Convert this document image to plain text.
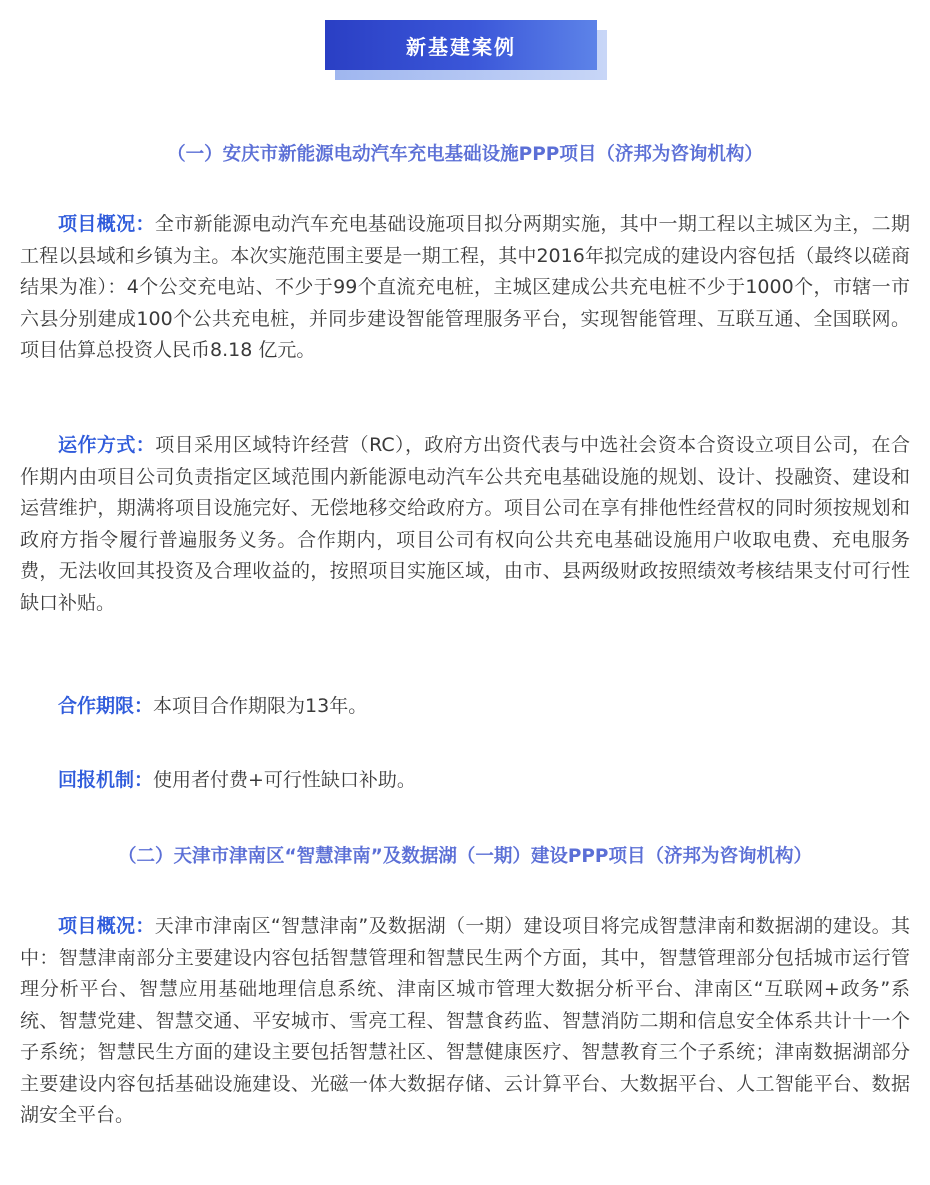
新基建案例
（一）安庆市新能源电动汽车充电基础设施PPP项目（济邦为咨询机构）

项目概况：全市新能源电动汽车充电基础设施项目拟分两期实施，其中一期工程以主城区为主，二期工程以县域和乡镇为主。本次实施范围主要是一期工程，其中2016年拟完成的建设内容包括（最终以磋商结果为准）：4个公交充电站、不少于99个直流充电桩，主城区建成公共充电桩不少于1000个，市辖一市六县分别建成100个公共充电桩，并同步建设智能管理服务平台，实现智能管理、互联互通、全国联网。项目估算总投资人民币8.18 亿元。

运作方式：项目采用区域特许经营（RC），政府方出资代表与中选社会资本合资设立项目公司，在合作期内由项目公司负责指定区域范围内新能源电动汽车公共充电基础设施的规划、设计、投融资、建设和运营维护，期满将项目设施完好、无偿地移交给政府方。项目公司在享有排他性经营权的同时须按规划和政府方指令履行普遍服务义务。合作期内，项目公司有权向公共充电基础设施用户收取电费、充电服务费，无法收回其投资及合理收益的，按照项目实施区域，由市、县两级财政按照绩效考核结果支付可行性缺口补贴。

合作期限：本项目合作期限为13年。

回报机制：使用者付费+可行性缺口补助。

（二）天津市津南区“智慧津南”及数据湖（一期）建设PPP项目（济邦为咨询机构）

项目概况：天津市津南区“智慧津南”及数据湖（一期）建设项目将完成智慧津南和数据湖的建设。其中：智慧津南部分主要建设内容包括智慧管理和智慧民生两个方面，其中，智慧管理部分包括城市运行管理分析平台、智慧应用基础地理信息系统、津南区城市管理大数据分析平台、津南区“互联网+政务”系统、智慧党建、智慧交通、平安城市、雪亮工程、智慧食药监、智慧消防二期和信息安全体系共计十一个子系统；智慧民生方面的建设主要包括智慧社区、智慧健康医疗、智慧教育三个子系统；津南数据湖部分主要建设内容包括基础设施建设、光磁一体大数据存储、云计算平台、大数据平台、人工智能平台、数据湖安全平台。
